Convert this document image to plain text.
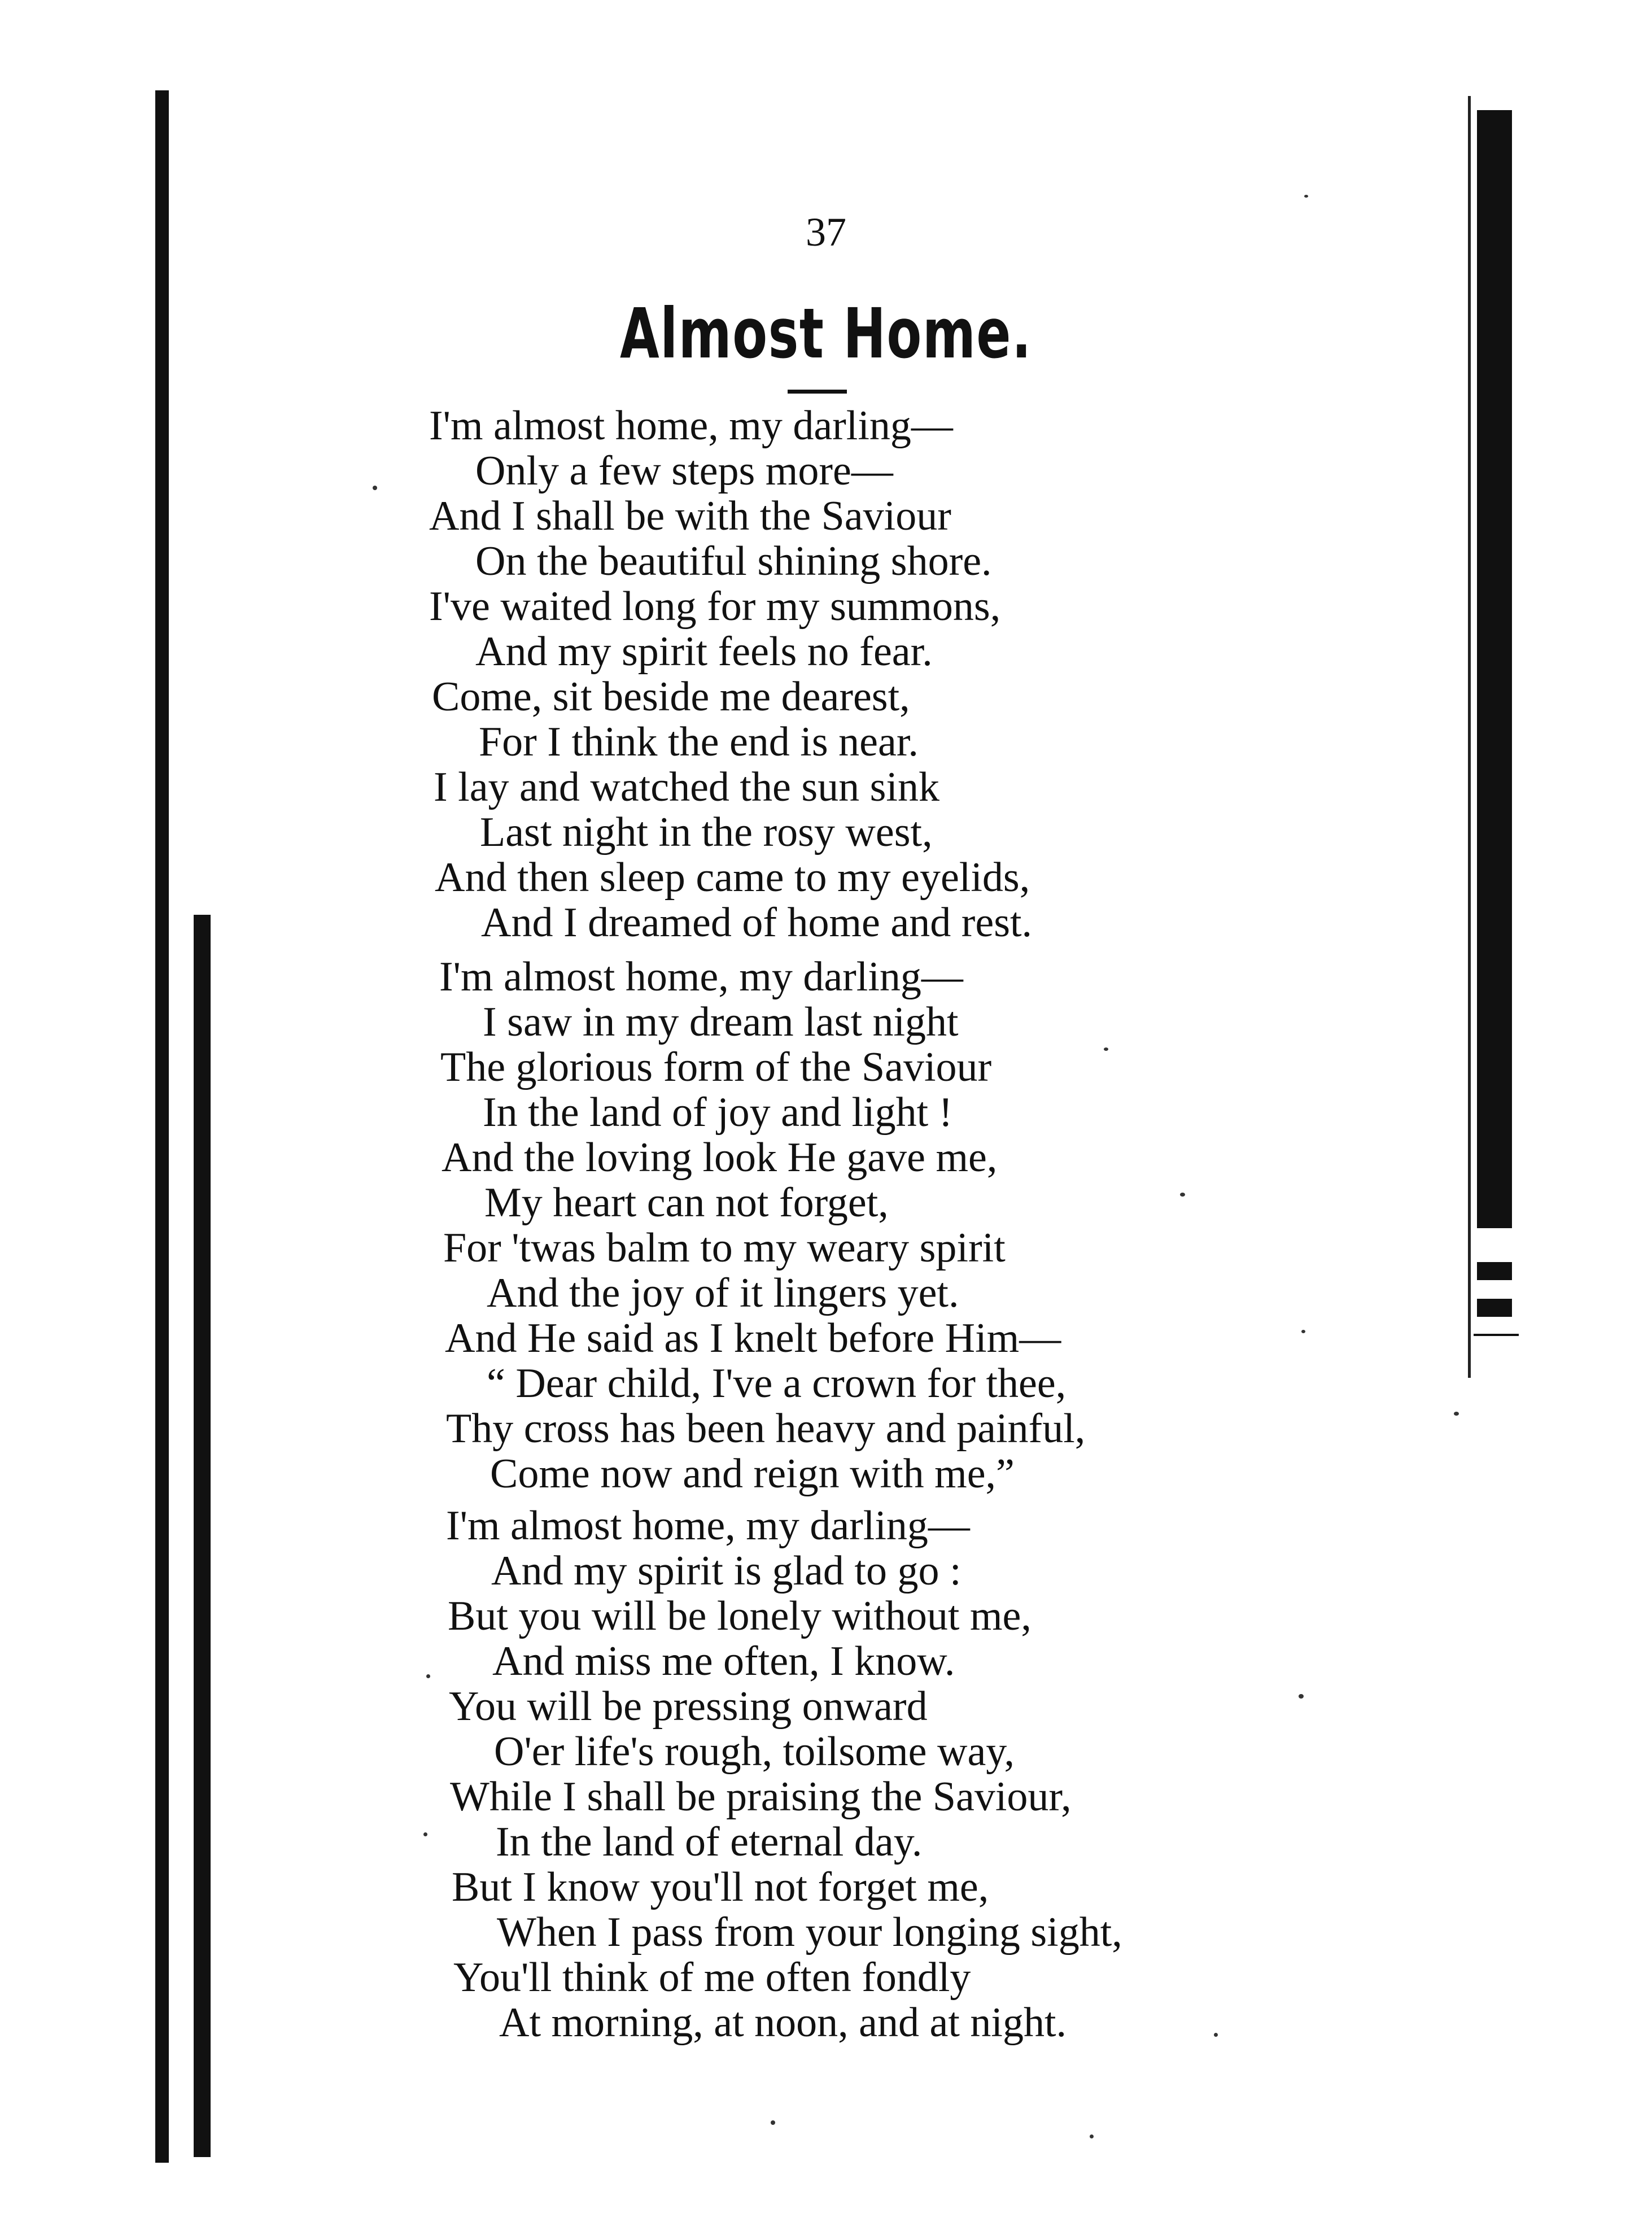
37
Almost Home.
I'm almost home, my darling—
Only a few steps more—
And I shall be with the Saviour
On the beautiful shining shore.
I've waited long for my summons,
And my spirit feels no fear.
Come, sit beside me dearest,
For I think the end is near.
I lay and watched the sun sink
Last night in the rosy west,
And then sleep came to my eyelids,
And I dreamed of home and rest.
I'm almost home, my darling—
I saw in my dream last night
The glorious form of the Saviour
In the land of joy and light !
And the loving look He gave me,
My heart can not forget,
For 'twas balm to my weary spirit
And the joy of it lingers yet.
And He said as I knelt before Him—
“ Dear child, I've a crown for thee,
Thy cross has been heavy and painful,
Come now and reign with me,”
I'm almost home, my darling—
And my spirit is glad to go :
But you will be lonely without me,
And miss me often, I know.
You will be pressing onward
O'er life's rough, toilsome way,
While I shall be praising the Saviour,
In the land of eternal day.
But I know you'll not forget me,
When I pass from your longing sight,
You'll think of me often fondly
At morning, at noon, and at night.
